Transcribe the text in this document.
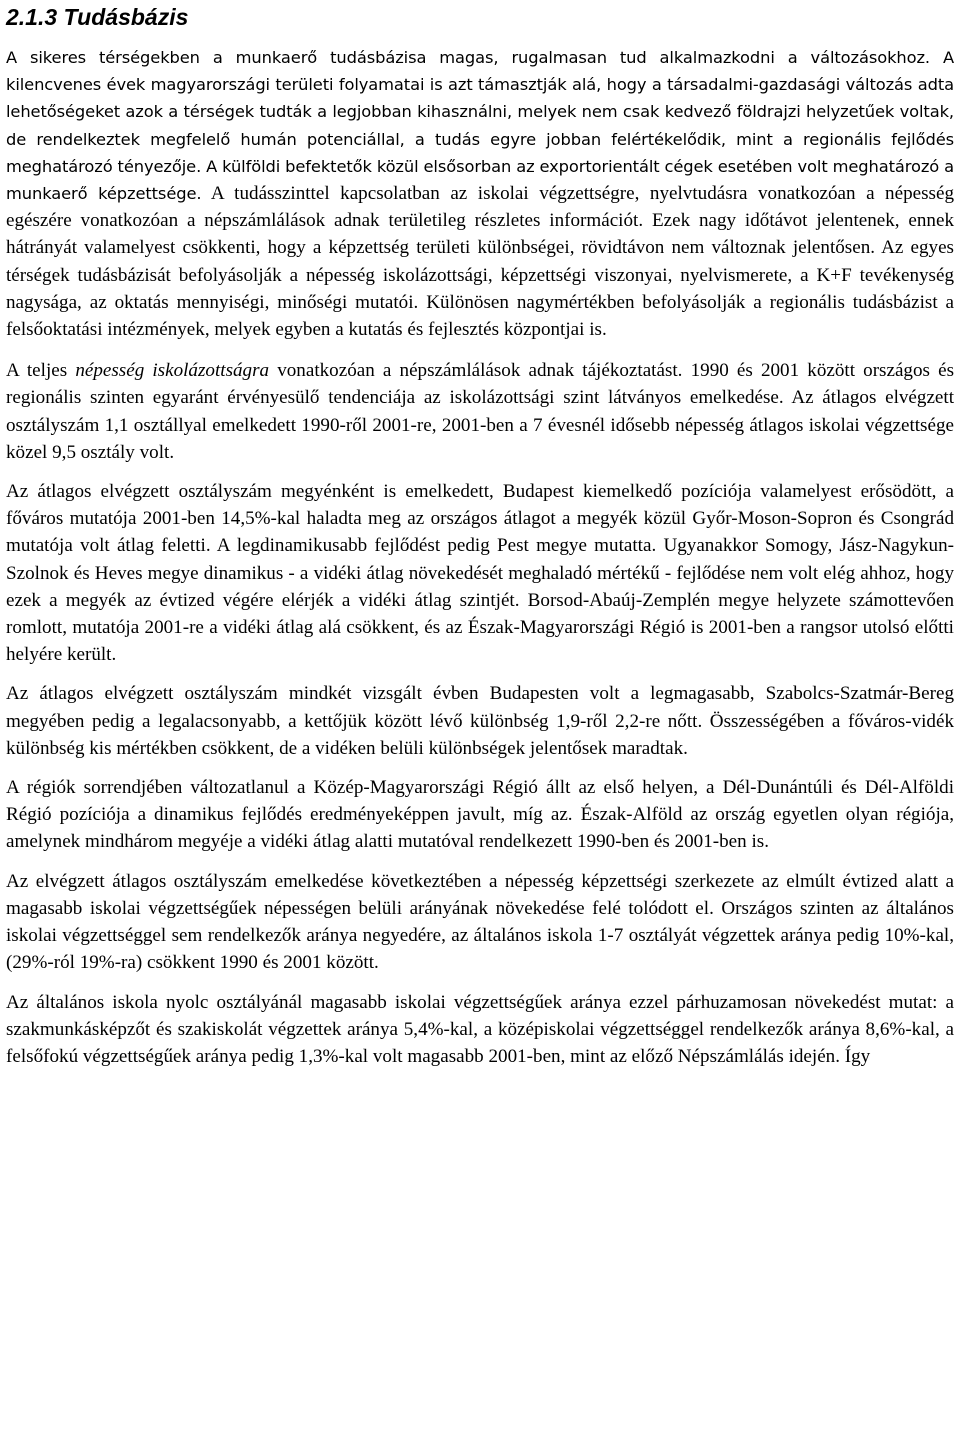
2.1.3 Tudásbázis

A sikeres térségekben a munkaerő tudásbázisa magas, rugalmasan tud alkalmazkodni a változásokhoz. A kilencvenes évek magyarországi területi folyamatai is azt támasztják alá, hogy a társadalmi-gazdasági változás adta lehetőségeket azok a térségek tudták a legjobban kihasználni, melyek nem csak kedvező földrajzi helyzetűek voltak, de rendelkeztek megfelelő humán potenciállal, a tudás egyre jobban felértékelődik, mint a regionális fejlődés meghatározó tényezője. A külföldi befektetők közül elsősorban az exportorientált cégek esetében volt meghatározó a munkaerő képzettsége. A tudásszinttel kapcsolatban az iskolai végzettségre, nyelvtudásra vonatkozóan a népesség egészére vonatkozóan a népszámlálások adnak területileg részletes információt. Ezek nagy időtávot jelentenek, ennek hátrányát valamelyest csökkenti, hogy a képzettség területi különbségei, rövidtávon nem változnak jelentősen. Az egyes térségek tudásbázisát befolyásolják a népesség iskolázottsági, képzettségi viszonyai, nyelvismerete, a K+F tevékenység nagysága, az oktatás mennyiségi, minőségi mutatói. Különösen nagymértékben befolyásolják a regionális tudásbázist a felsőoktatási intézmények, melyek egyben a kutatás és fejlesztés központjai is.

A teljes népesség iskolázottságra vonatkozóan a népszámlálások adnak tájékoztatást. 1990 és 2001 között országos és regionális szinten egyaránt érvényesülő tendenciája az iskolázottsági szint látványos emelkedése. Az átlagos elvégzett osztályszám 1,1 osztállyal emelkedett 1990-ről 2001-re, 2001-ben a 7 évesnél idősebb népesség átlagos iskolai végzettsége közel 9,5 osztály volt.

Az átlagos elvégzett osztályszám megyénként is emelkedett, Budapest kiemelkedő pozíciója valamelyest erősödött, a főváros mutatója 2001-ben 14,5%-kal haladta meg az országos átlagot a megyék közül Győr-Moson-Sopron és Csongrád mutatója volt átlag feletti. A legdinamikusabb fejlődést pedig Pest megye mutatta. Ugyanakkor Somogy, Jász-Nagykun-Szolnok és Heves megye dinamikus - a vidéki átlag növekedését meghaladó mértékű - fejlődése nem volt elég ahhoz, hogy ezek a megyék az évtized végére elérjék a vidéki átlag szintjét. Borsod-Abaúj-Zemplén megye helyzete számottevően romlott, mutatója 2001-re a vidéki átlag alá csökkent, és az Észak-Magyarországi Régió is 2001-ben a rangsor utolsó előtti helyére került.

Az átlagos elvégzett osztályszám mindkét vizsgált évben Budapesten volt a legmagasabb, Szabolcs-Szatmár-Bereg megyében pedig a legalacsonyabb, a kettőjük között lévő különbség 1,9-ről 2,2-re nőtt. Összességében a főváros-vidék különbség kis mértékben csökkent, de a vidéken belüli különbségek jelentősek maradtak.

A régiók sorrendjében változatlanul a Közép-Magyarországi Régió állt az első helyen, a Dél-Dunántúli és Dél-Alföldi Régió pozíciója a dinamikus fejlődés eredményeképpen javult, míg az. Észak-Alföld az ország egyetlen olyan régiója, amelynek mindhárom megyéje a vidéki átlag alatti mutatóval rendelkezett 1990-ben és 2001-ben is.

Az elvégzett átlagos osztályszám emelkedése következtében a népesség képzettségi szerkezete az elmúlt évtized alatt a magasabb iskolai végzettségűek népességen belüli arányának növekedése felé tolódott el. Országos szinten az általános iskolai végzettséggel sem rendelkezők aránya negyedére, az általános iskola 1-7 osztályát végzettek aránya pedig 10%-kal, (29%-ról 19%-ra) csökkent 1990 és 2001 között.

Az általános iskola nyolc osztályánál magasabb iskolai végzettségűek aránya ezzel párhuzamosan növekedést mutat: a szakmunkásképzőt és szakiskolát végzettek aránya 5,4%-kal, a középiskolai végzettséggel rendelkezők aránya 8,6%-kal, a felsőfokú végzettségűek aránya pedig 1,3%-kal volt magasabb 2001-ben, mint az előző Népszámlálás idején. Így
